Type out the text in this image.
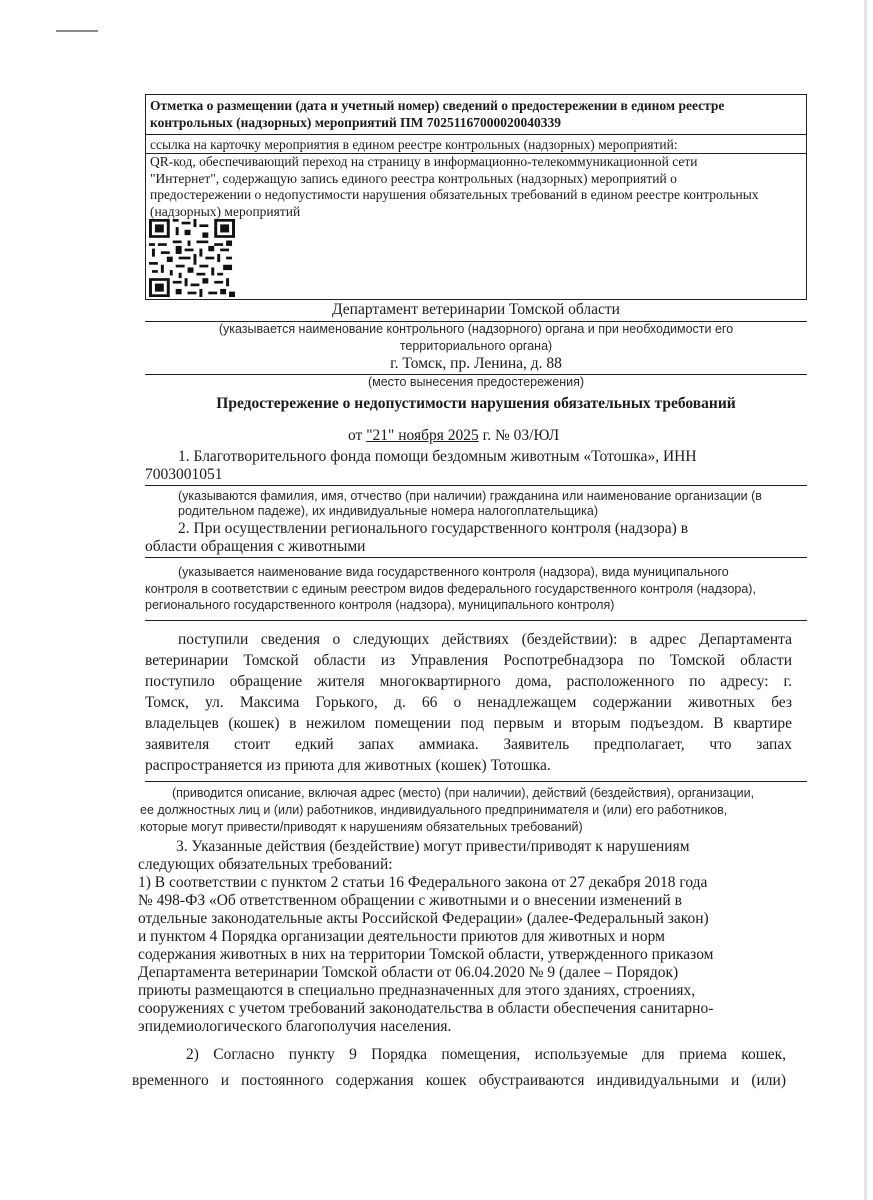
Отметка о размещении (дата и учетный номер) сведений о предостережении в едином реестре
контрольных (надзорных) мероприятий ПМ 70251167000020040339
ссылка на карточку мероприятия в едином реестре контрольных (надзорных) мероприятий:
QR-код, обеспечивающий переход на страницу в информационно-телекоммуникационной сети
"Интернет", содержащую запись единого реестра контрольных (надзорных) мероприятий о
предостережении о недопустимости нарушения обязательных требований в едином реестре контрольных
(надзорных) мероприятий
Департамент ветеринарии Томской области
(указывается наименование контрольного (надзорного) органа и при необходимости его
территориального органа)
г. Томск, пр. Ленина, д. 88
(место вынесения предостережения)
Предостережение о недопустимости нарушения обязательных требований
от "21" ноября 2025 г. № 03/ЮЛ
1. Благотворительного фонда помощи бездомным животным «Тотошка», ИНН
7003001051
(указываются фамилия, имя, отчество (при наличии) гражданина или наименование организации (в
родительном падеже), их индивидуальные номера налогоплательщика)
2. При осуществлении регионального государственного контроля (надзора) в
области обращения с животными
(указывается наименование вида государственного контроля (надзора), вида муниципального
контроля в соответствии с единым реестром видов федерального государственного контроля (надзора),
регионального государственного контроля (надзора), муниципального контроля)
поступили сведения о следующих действиях (бездействии): в адрес Департамента
ветеринарии Томской области из Управления Роспотребнадзора по Томской области
поступило обращение жителя многоквартирного дома, расположенного по адресу: г.
Томск, ул. Максима Горького, д. 66 о ненадлежащем содержании животных без
владельцев (кошек) в нежилом помещении под первым и вторым подъездом. В квартире
заявителя стоит едкий запах аммиака. Заявитель предполагает, что запах
распространяется из приюта для животных (кошек) Тотошка.
(приводится описание, включая адрес (место) (при наличии), действий (бездействия), организации,
ее должностных лиц и (или) работников, индивидуального предпринимателя и (или) его работников,
которые могут привести/приводят к нарушениям обязательных требований)
3. Указанные действия (бездействие) могут привести/приводят к нарушениям
следующих обязательных требований:
1) В соответствии с пунктом 2 статьи 16 Федерального закона от 27 декабря 2018 года
№ 498-ФЗ «Об ответственном обращении с животными и о внесении изменений в
отдельные законодательные акты Российской Федерации» (далее-Федеральный закон)
и пунктом 4 Порядка организации деятельности приютов для животных и норм
содержания животных в них на территории Томской области, утвержденного приказом
Департамента ветеринарии Томской области от 06.04.2020 № 9 (далее – Порядок)
приюты размещаются в специально предназначенных для этого зданиях, строениях,
сооружениях с учетом требований законодательства в области обеспечения санитарно-
эпидемиологического благополучия населения.
2) Согласно пункту 9 Порядка помещения, используемые для приема кошек,
временного и постоянного содержания кошек обустраиваются индивидуальными и (или)
